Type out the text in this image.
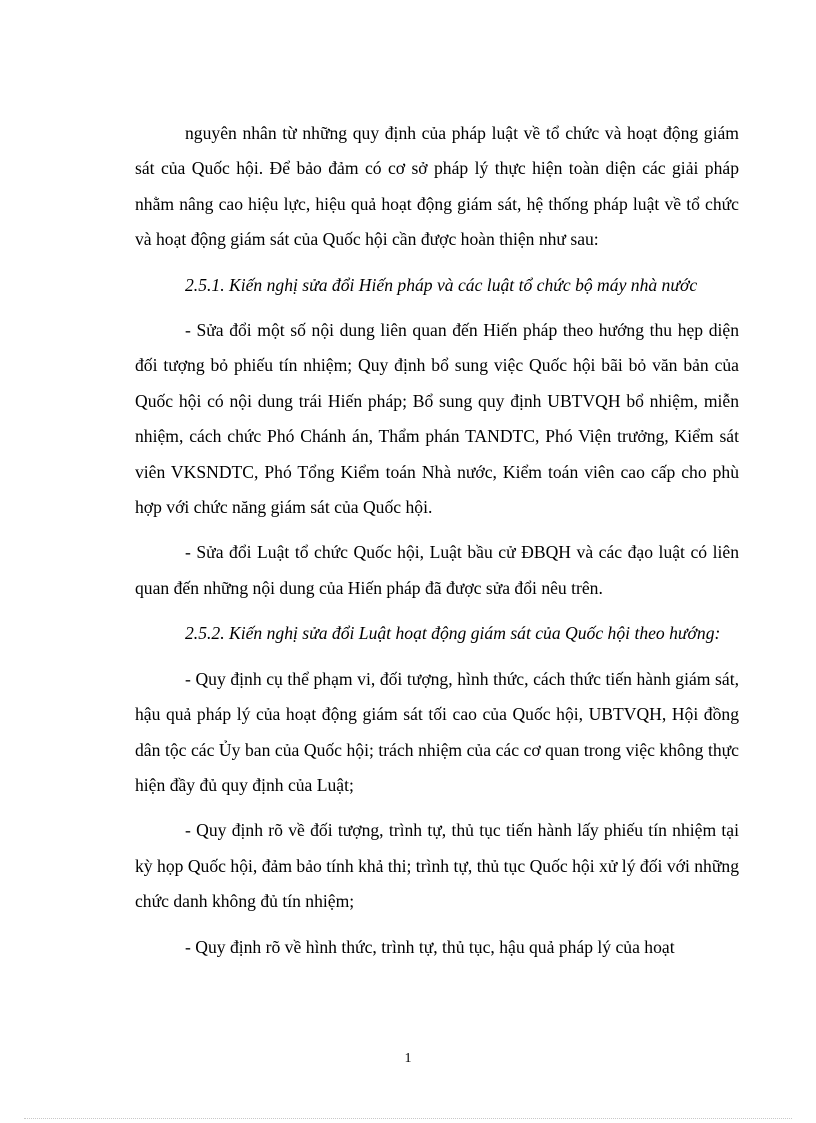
nguyên nhân từ những quy định của pháp luật về tổ chức và hoạt động giám sát của Quốc hội. Để bảo đảm có cơ sở pháp lý thực hiện toàn diện các giải pháp nhằm nâng cao hiệu lực, hiệu quả hoạt động giám sát, hệ thống pháp luật về tổ chức và hoạt động giám sát của Quốc hội cần được hoàn thiện như sau:

2.5.1. Kiến nghị sửa đổi Hiến pháp và các luật tổ chức bộ máy nhà nước

- Sửa đổi một số nội dung liên quan đến Hiến pháp theo hướng thu hẹp diện đối tượng bỏ phiếu tín nhiệm; Quy định bổ sung việc Quốc hội bãi bỏ văn bản của Quốc hội có nội dung trái Hiến pháp; Bổ sung quy định UBTVQH bổ nhiệm, miễn nhiệm, cách chức Phó Chánh án, Thẩm phán TANDTC, Phó Viện trưởng, Kiểm sát viên VKSNDTC, Phó Tổng Kiểm toán Nhà nước, Kiểm toán viên cao cấp cho phù hợp với chức năng giám sát của Quốc hội.

- Sửa đổi Luật tổ chức Quốc hội, Luật bầu cử ĐBQH và các đạo luật có liên quan đến những nội dung của Hiến pháp đã được sửa đổi nêu trên.

2.5.2. Kiến nghị sửa đổi Luật hoạt động giám sát của Quốc hội theo hướng:

- Quy định cụ thể phạm vi, đối tượng, hình thức, cách thức tiến hành giám sát, hậu quả pháp lý của hoạt động giám sát tối cao của Quốc hội, UBTVQH, Hội đồng dân tộc các Ủy ban của Quốc hội; trách nhiệm của các cơ quan trong việc không thực hiện đầy đủ quy định của Luật;

- Quy định rõ về đối tượng, trình tự, thủ tục tiến hành lấy phiếu tín nhiệm tại kỳ họp Quốc hội, đảm bảo tính khả thi; trình tự, thủ tục Quốc hội xử lý đối với những chức danh không đủ tín nhiệm;

- Quy định rõ về hình thức, trình tự, thủ tục, hậu quả pháp lý của hoạt

1
